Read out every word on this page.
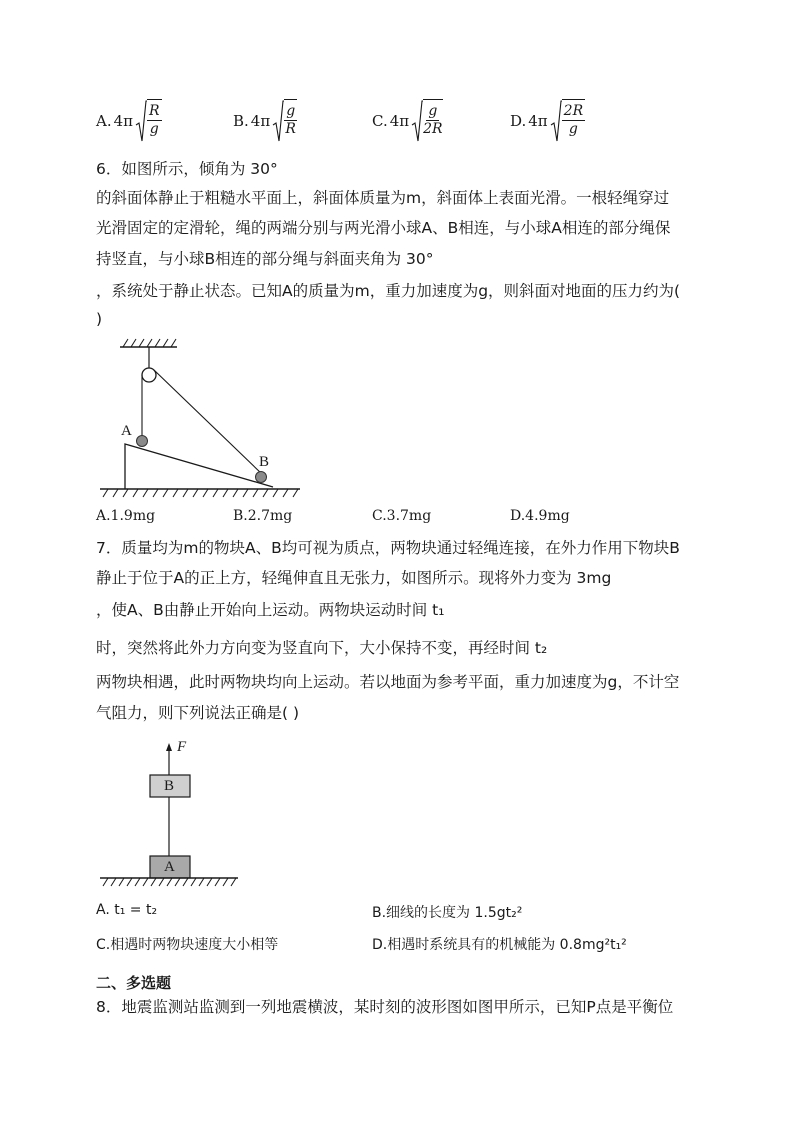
A. $4\pi \frac{R}{g}$	B. $4\pi \frac{g}{R}$	C. $4\pi \frac{g}{2R}$	D. $4\pi \frac{2R}{g}$
6．如图所示，倾角为 30°
的斜面体静止于粗糙水平面上，斜面体质量为m，斜面体上表面光滑。一根轻绳穿过
光滑固定的定滑轮，绳的两端分别与两光滑小球A、B相连，与小球A相连的部分绳保
持竖直，与小球B相连的部分绳与斜面夹角为 30°
，系统处于静止状态。已知A的质量为m，重力加速度为g，则斜面对地面的压力约为(
)
A
B
A.1.9mg	B.2.7mg	C.3.7mg	D.4.9mg
7．质量均为m的物块A、B均可视为质点，两物块通过轻绳连接，在外力作用下物块B
静止于位于A的正上方，轻绳伸直且无张力，如图所示。现将外力变为 3mg
，使A、B由静止开始向上运动。两物块运动时间 t₁
时，突然将此外力方向变为竖直向下，大小保持不变，再经时间 t₂
两物块相遇，此时两物块均向上运动。若以地面为参考平面，重力加速度为g，不计空
气阻力，则下列说法正确是( )
F
B
A
A. t₁ = t₂	B.细线的长度为 1.5gt₂²
C.相遇时两物块速度大小相等	D.相遇时系统具有的机械能为 0.8mg²t₁²
二、多选题
8．地震监测站监测到一列地震横波，某时刻的波形图如图甲所示，已知P点是平衡位
